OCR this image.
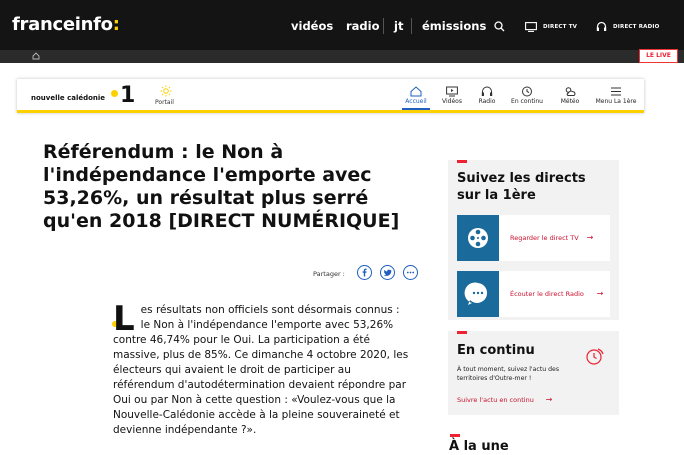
franceinfo:	vidéos radio jt émissions	DIRECT TV	DIRECT RADIO
LE LIVE
nouvelle calédonie 1	Portail	Accueil	Vidéos	Radio	En continu	Météo	Menu La 1ère
Référendum : le Non à l'indépendance l'emporte avec 53,26%, un résultat plus serré qu'en 2018 [DIRECT NUMÉRIQUE]
Partager :
Les résultats non officiels sont désormais connus : le Non à l'indépendance l'emporte avec 53,26% contre 46,74% pour le Oui. La participation a été massive, plus de 85%. Ce dimanche 4 octobre 2020, les électeurs qui avaient le droit de participer au référendum d'autodétermination devaient répondre par Oui ou par Non à cette question : «Voulez-vous que la Nouvelle-Calédonie accède à la pleine souveraineté et devienne indépendante ?».
Suivez les directs sur la 1ère
Regarder le direct TV →
Écouter le direct Radio →
En continu
À tout moment, suivez l'actu des territoires d'Outre-mer !
Suivre l'actu en continu →
À la une
